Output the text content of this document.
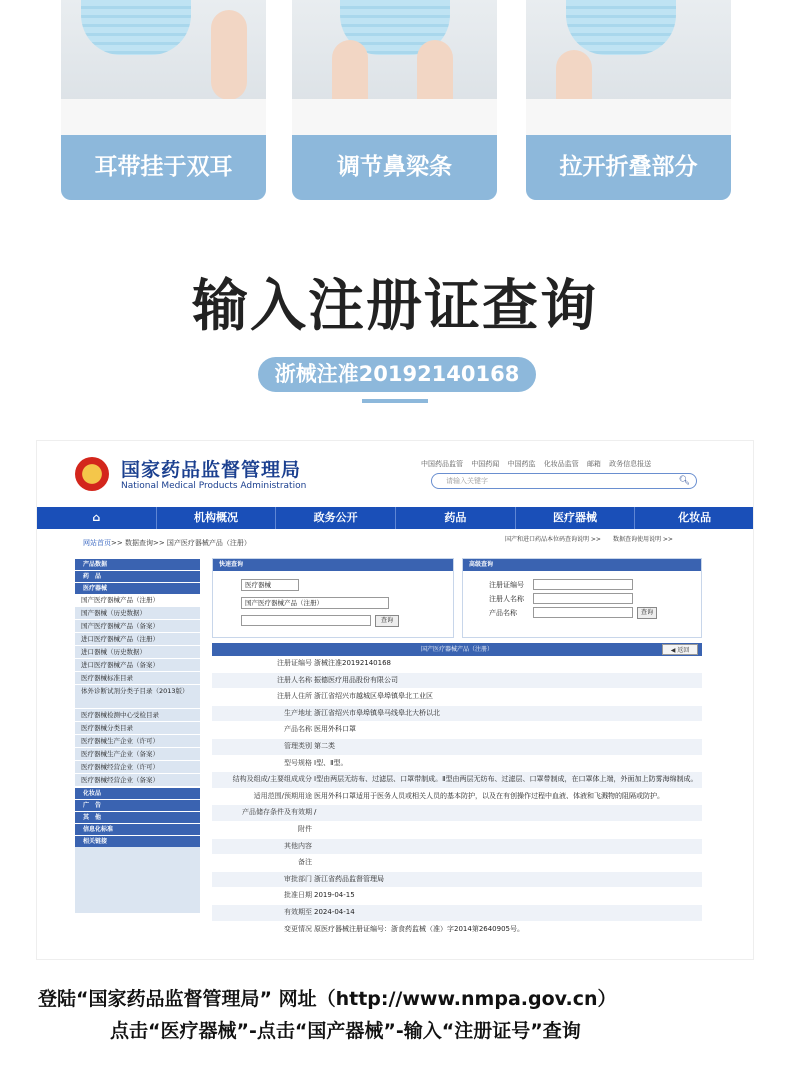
耳带挂于双耳	调节鼻梁条	拉开折叠部分
输入注册证查询
浙械注准20192140168
国家药品监督管理局
National Medical Products Administration
中国药品监管 中国药闻 中国药监 化妆品监管 邮箱 政务信息报送
请输入关键字	🔍︎
⌂	机构概况	政务公开	药品	医疗器械	化妆品
网站首页>> 数据查询>> 国产医疗器械产品（注册）	国产和进口药品本位码查询说明 >>　　数据查询使用说明 >>
产品数据
药　品
医疗器械
国产医疗器械产品（注册）
国产器械（历史数据）
国产医疗器械产品（备案）
进口医疗器械产品（注册）
进口器械（历史数据）
进口医疗器械产品（备案）
医疗器械标准目录
体外诊断试剂分类子目录（2013版）
医疗器械检测中心受检目录
医疗器械分类目录
医疗器械生产企业（许可）
医疗器械生产企业（备案）
医疗器械经营企业（许可）
医疗器械经营企业（备案）
化妆品
广　告
其　他
信息化标准
相关链接
快速查询
医疗器械
国产医疗器械产品（注册）
查询
高级查询
注册证编号
注册人名称
产品名称	查询
国产医疗器械产品（注册）	◀ 返回
注册证编号 浙械注准20192140168
注册人名称 振德医疗用品股份有限公司
注册人住所 浙江省绍兴市越城区皋埠镇皋北工业区
生产地址 浙江省绍兴市皋埠镇皋马线皋北大桥以北
产品名称 医用外科口罩
管理类别 第二类
型号规格 Ⅰ型、Ⅱ型。
结构及组成/主要组成成分 Ⅰ型由两层无纺布、过滤层、口罩带制成。Ⅱ型由两层无纺布、过滤层、口罩带制成，在口罩体上端，外面加上防雾海绵制成。
适用范围/预期用途 医用外科口罩适用于医务人员或相关人员的基本防护，以及在有创操作过程中血液、体液和飞溅物的阻隔或防护。
产品储存条件及有效期 /
附件
其他内容
备注
审批部门 浙江省药品监督管理局
批准日期 2019-04-15
有效期至 2024-04-14
变更情况 原医疗器械注册证编号：浙食药监械（准）字2014第2640905号。
登陆“国家药品监督管理局” 网址（http://www.nmpa.gov.cn）
点击“医疗器械”-点击“国产器械”-输入“注册证号”查询
